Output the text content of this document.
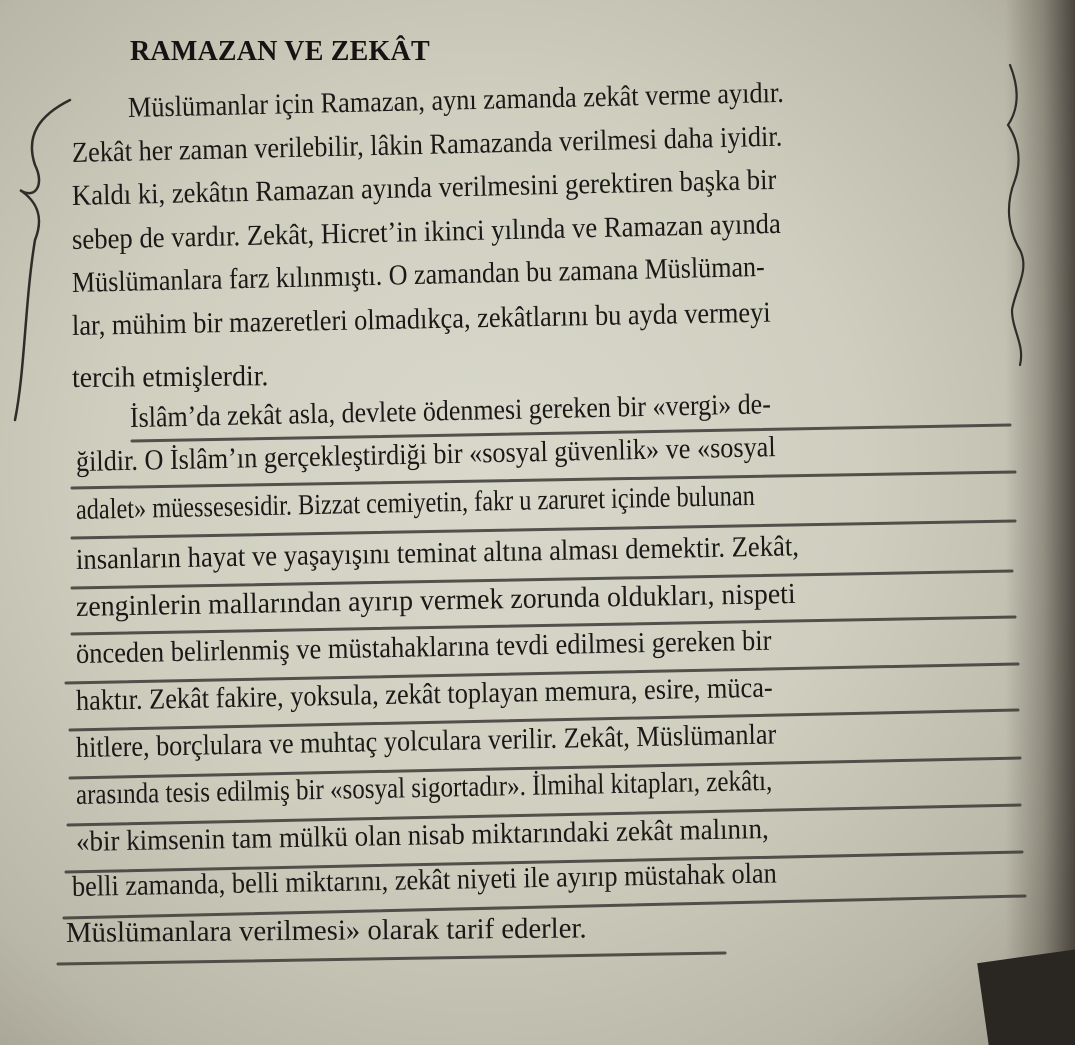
RAMAZAN VE ZEKÂT
Müslümanlar için Ramazan, aynı zamanda zekât verme ayıdır.
Zekât her zaman verilebilir, lâkin Ramazanda verilmesi daha iyidir.
Kaldı ki, zekâtın Ramazan ayında verilmesini gerektiren başka bir
sebep de vardır. Zekât, Hicret’in ikinci yılında ve Ramazan ayında
Müslümanlara farz kılınmıştı. O zamandan bu zamana Müslüman-
lar, mühim bir mazeretleri olmadıkça, zekâtlarını bu ayda vermeyi
tercih etmişlerdir.
İslâm’da zekât asla, devlete ödenmesi gereken bir «vergi» de-
ğildir. O İslâm’ın gerçekleştirdiği bir «sosyal güvenlik» ve «sosyal
adalet» müessesesidir. Bizzat cemiyetin, fakr u zaruret içinde bulunan
insanların hayat ve yaşayışını teminat altına alması demektir. Zekât,
zenginlerin mallarından ayırıp vermek zorunda oldukları, nispeti
önceden belirlenmiş ve müstahaklarına tevdi edilmesi gereken bir
haktır. Zekât fakire, yoksula, zekât toplayan memura, esire, müca-
hitlere, borçlulara ve muhtaç yolculara verilir. Zekât, Müslümanlar
arasında tesis edilmiş bir «sosyal sigortadır». İlmihal kitapları, zekâtı,
«bir kimsenin tam mülkü olan nisab miktarındaki zekât malının,
belli zamanda, belli miktarını, zekât niyeti ile ayırıp müstahak olan
Müslümanlara verilmesi» olarak tarif ederler.
